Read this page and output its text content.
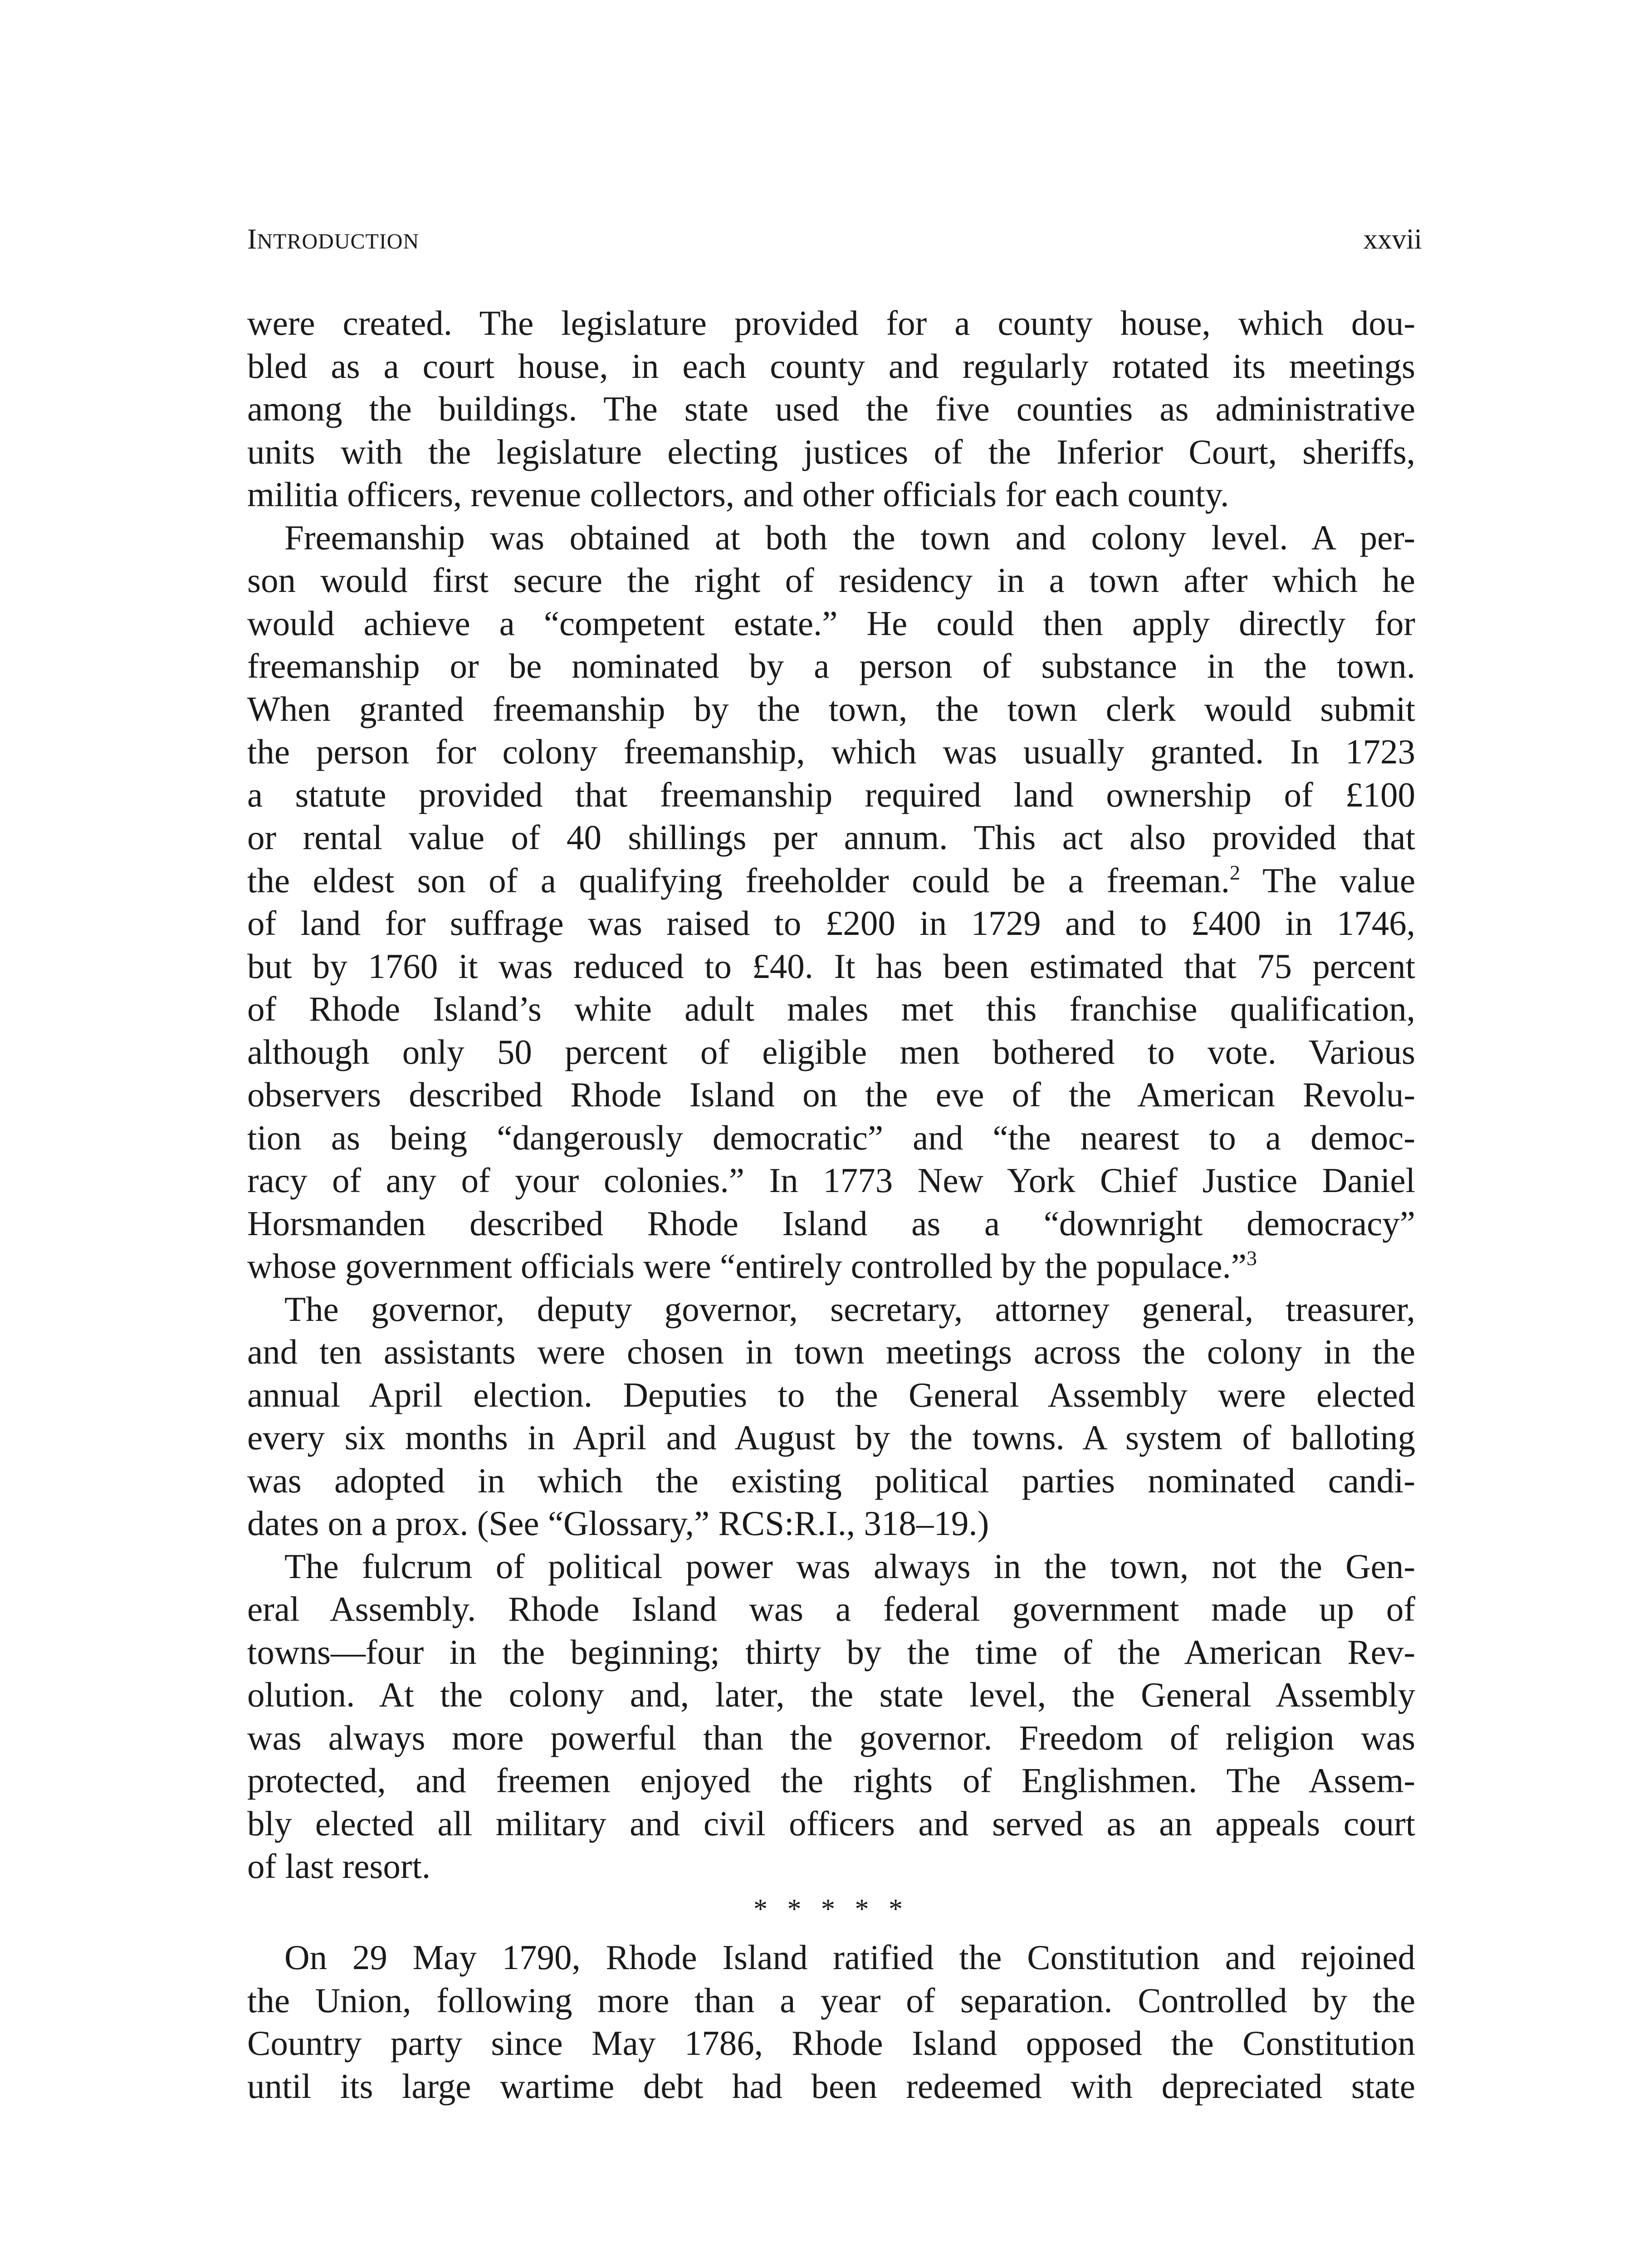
INTRODUCTION	xxvii
were created. The legislature provided for a county house, which dou-
bled as a court house, in each county and regularly rotated its meetings
among the buildings. The state used the five counties as administrative
units with the legislature electing justices of the Inferior Court, sheriffs,
militia officers, revenue collectors, and other officials for each county.
Freemanship was obtained at both the town and colony level. A per-
son would first secure the right of residency in a town after which he
would achieve a “competent estate.” He could then apply directly for
freemanship or be nominated by a person of substance in the town.
When granted freemanship by the town, the town clerk would submit
the person for colony freemanship, which was usually granted. In 1723
a statute provided that freemanship required land ownership of £100
or rental value of 40 shillings per annum. This act also provided that
the eldest son of a qualifying freeholder could be a freeman.$^2$ The value
of land for suffrage was raised to £200 in 1729 and to £400 in 1746,
but by 1760 it was reduced to £40. It has been estimated that 75 percent
of Rhode Island’s white adult males met this franchise qualification,
although only 50 percent of eligible men bothered to vote. Various
observers described Rhode Island on the eve of the American Revolu-
tion as being “dangerously democratic” and “the nearest to a democ-
racy of any of your colonies.” In 1773 New York Chief Justice Daniel
Horsmanden described Rhode Island as a “downright democracy”
whose government officials were “entirely controlled by the populace.”$^3$
The governor, deputy governor, secretary, attorney general, treasurer,
and ten assistants were chosen in town meetings across the colony in the
annual April election. Deputies to the General Assembly were elected
every six months in April and August by the towns. A system of balloting
was adopted in which the existing political parties nominated candi-
dates on a prox. (See “Glossary,” RCS:R.I., 318–19.)
The fulcrum of political power was always in the town, not the Gen-
eral Assembly. Rhode Island was a federal government made up of
towns—four in the beginning; thirty by the time of the American Rev-
olution. At the colony and, later, the state level, the General Assembly
was always more powerful than the governor. Freedom of religion was
protected, and freemen enjoyed the rights of Englishmen. The Assem-
bly elected all military and civil officers and served as an appeals court
of last resort.
* * * * *
On 29 May 1790, Rhode Island ratified the Constitution and rejoined
the Union, following more than a year of separation. Controlled by the
Country party since May 1786, Rhode Island opposed the Constitution
until its large wartime debt had been redeemed with depreciated state
